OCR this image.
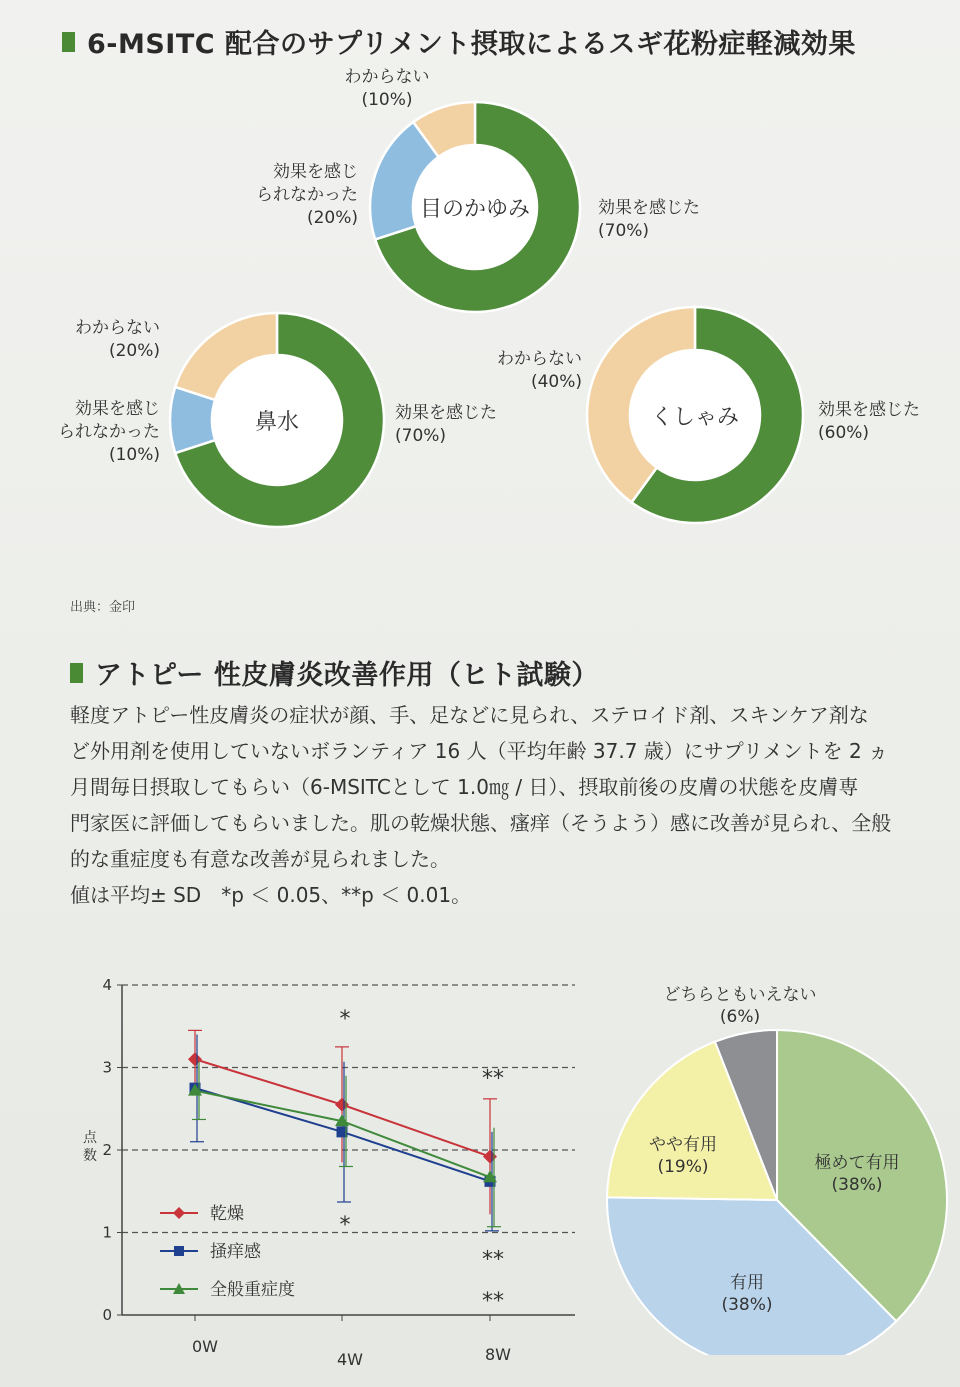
6-MSITC 配合のサプリメント摂取によるスギ花粉症軽減効果
効果を感じた
(70%)
効果を感じ
られなかった
(20%)
わからない
(10%)
目のかゆみ
効果を感じた
(70%)
効果を感じ
られなかった
(10%)
わからない
(20%)
鼻水	効果を感じた
(60%)
わからない
(40%)
くしゃみ
出典：金印
アトピー 性皮膚炎改善作用（ヒト試験）

軽度アトピー性皮膚炎の症状が顔、手、足などに見られ、ステロイド剤、スキンケア剤な

ど外用剤を使用していないボランティア 16 人（平均年齢 37.7 歳）にサプリメントを 2 ヵ

月間毎日摂取してもらい（6-MSITCとして 1.0㎎ / 日）、摂取前後の皮膚の状態を皮膚専

門家医に評価してもらいました。肌の乾燥状態、瘙痒（そうよう）感に改善が見られ、全般

的な重症度も有意な改善が見られました。

値は平均± SD　*p ＜ 0.05、**p ＜ 0.01。

0
1
2
3
4
点
数
0W
4W	8W
*
*
**
**
**
乾燥
掻痒感
全般重症度
極めて有用
(38%)
有用
(38%)
やや有用
(19%)
どちらともいえない
(6%)
